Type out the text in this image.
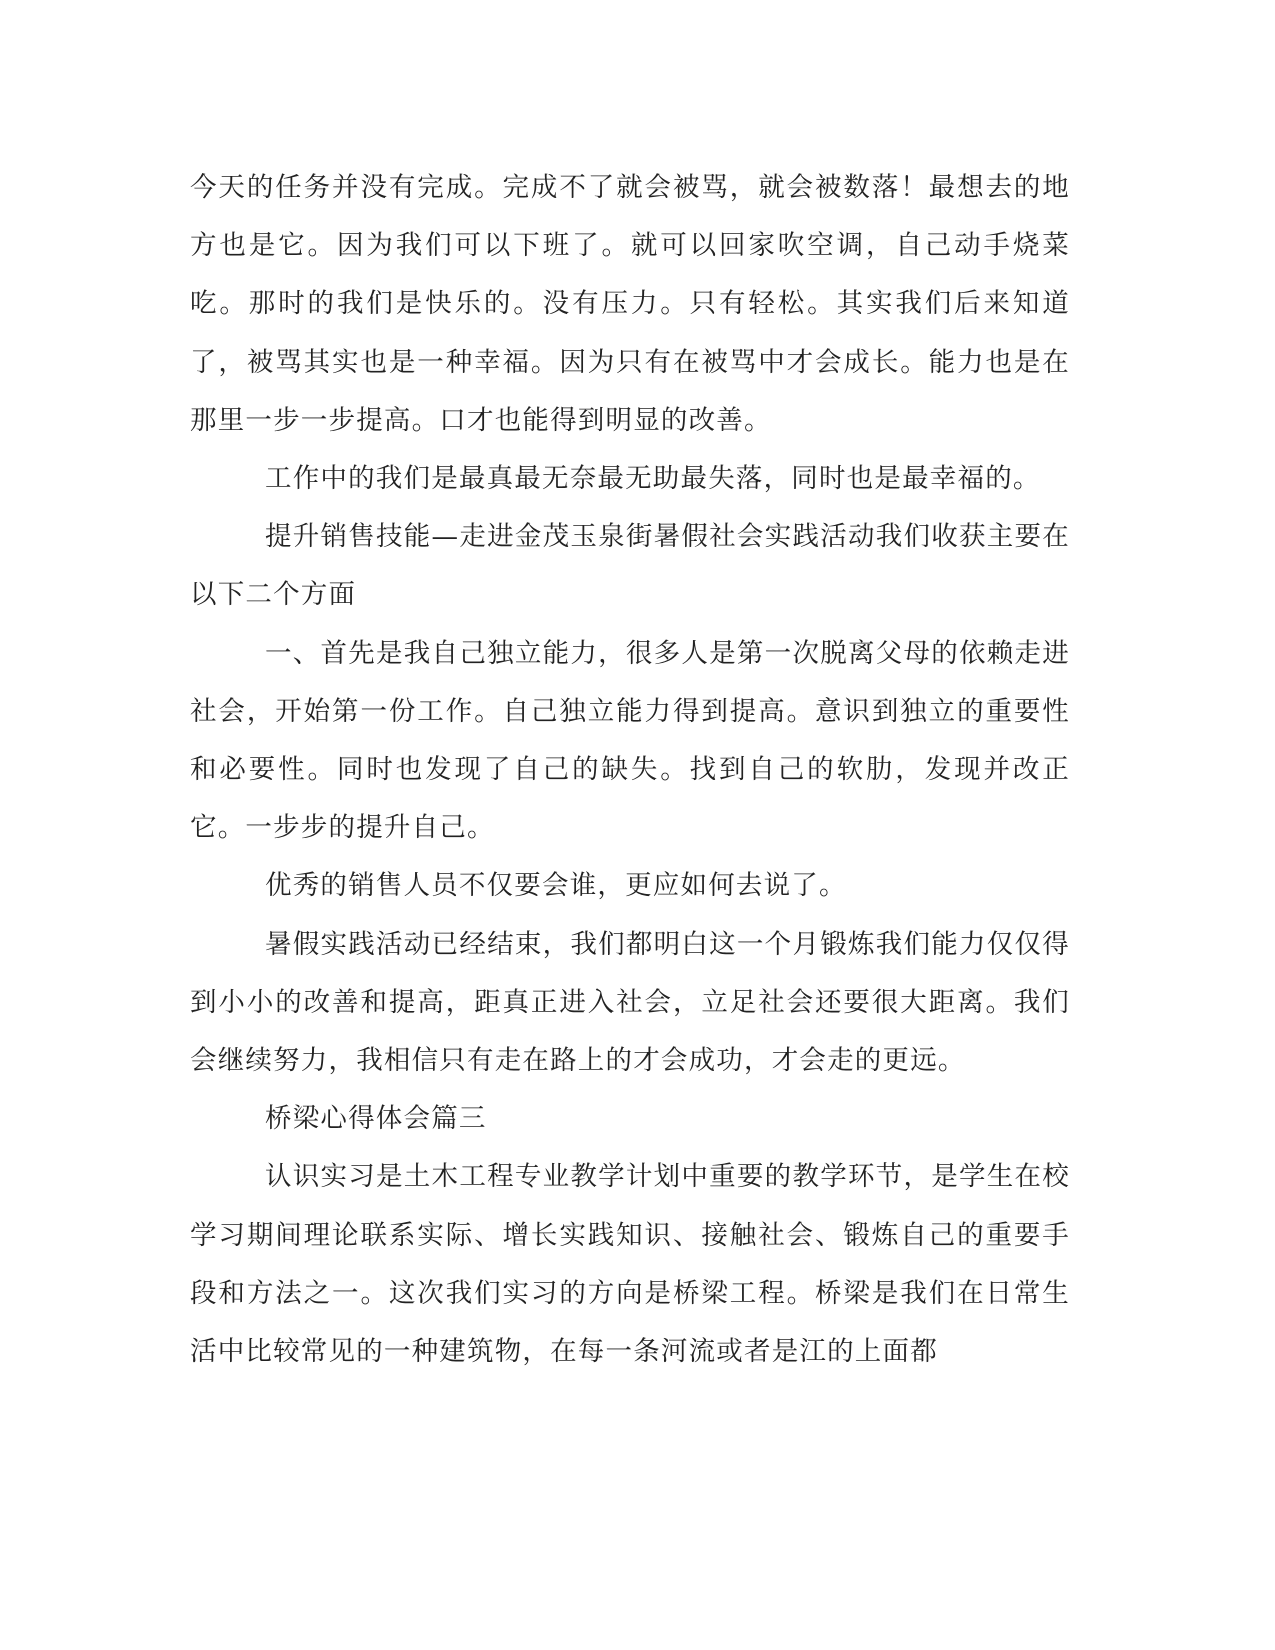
今天的任务并没有完成。完成不了就会被骂，就会被数落！最想去的地方也是它。因为我们可以下班了。就可以回家吹空调，自己动手烧菜吃。那时的我们是快乐的。没有压力。只有轻松。其实我们后来知道了，被骂其实也是一种幸福。因为只有在被骂中才会成长。能力也是在那里一步一步提高。口才也能得到明显的改善。

工作中的我们是最真最无奈最无助最失落，同时也是最幸福的。

提升销售技能—走进金茂玉泉街暑假社会实践活动我们收获主要在以下二个方面

一、首先是我自己独立能力，很多人是第一次脱离父母的依赖走进社会，开始第一份工作。自己独立能力得到提高。意识到独立的重要性和必要性。同时也发现了自己的缺失。找到自己的软肋，发现并改正它。一步步的提升自己。

优秀的销售人员不仅要会谁，更应如何去说了。

暑假实践活动已经结束，我们都明白这一个月锻炼我们能力仅仅得到小小的改善和提高，距真正进入社会，立足社会还要很大距离。我们会继续努力，我相信只有走在路上的才会成功，才会走的更远。

桥梁心得体会篇三

认识实习是土木工程专业教学计划中重要的教学环节，是学生在校学习期间理论联系实际、增长实践知识、接触社会、锻炼自己的重要手段和方法之一。这次我们实习的方向是桥梁工程。桥梁是我们在日常生活中比较常见的一种建筑物，在每一条河流或者是江的上面都
